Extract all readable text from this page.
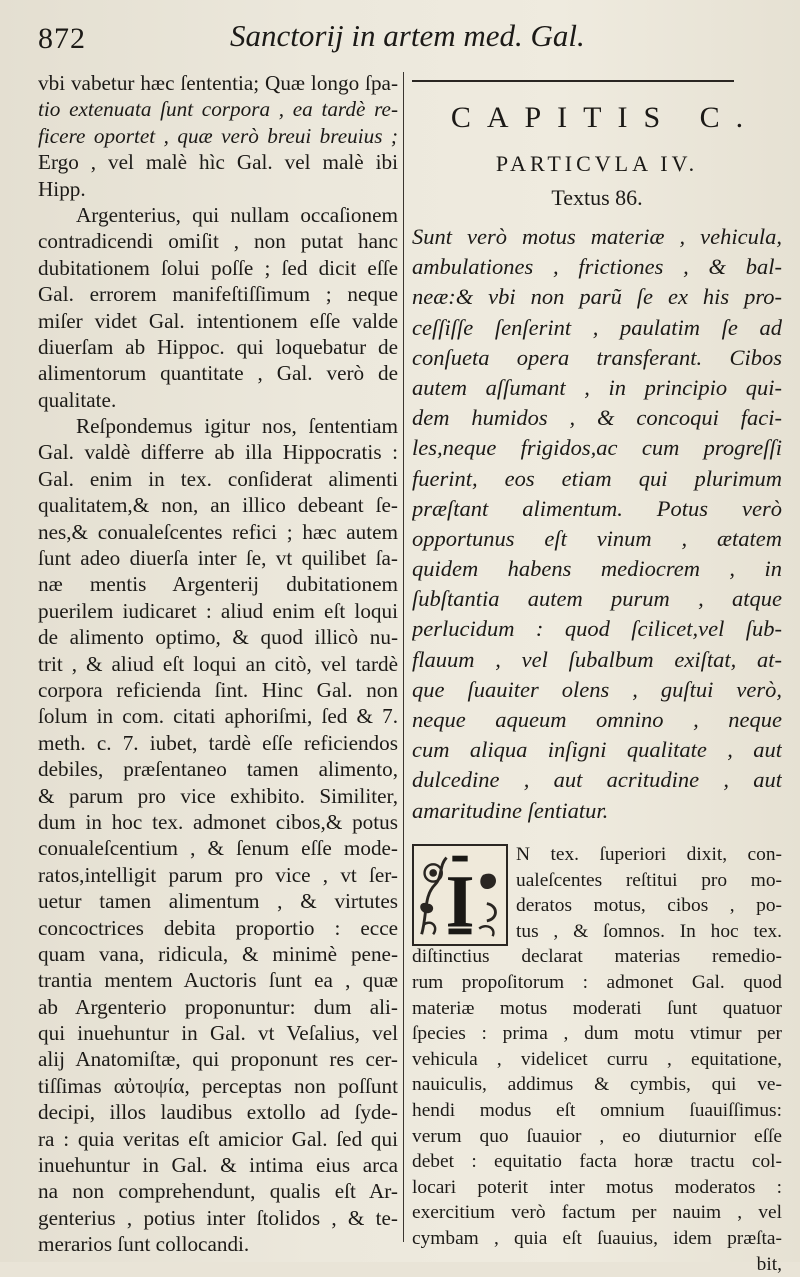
872	Sanctorij in artem med. Gal.
vbi vabetur hæc ſententia; Quæ longo ſpa-
tio extenuata ſunt corpora , ea tardè re-
ficere oportet , quæ verò breui breuius ;
Ergo , vel malè hìc Gal. vel malè ibi
Hipp.
Argenterius, qui nullam occaſionem
contradicendi omiſit , non putat hanc
dubitationem ſolui poſſe ; ſed dicit eſſe
Gal. errorem manifeſtiſſimum ; neque
miſer videt Gal. intentionem eſſe valde
diuerſam ab Hippoc. qui loquebatur de
alimentorum quantitate , Gal. verò de
qualitate.
Reſpondemus igitur nos, ſententiam
Gal. valdè differre ab illa Hippocratis :
Gal. enim in tex. conſiderat alimenti
qualitatem,& non, an illico debeant ſe-
nes,& conualeſcentes refici ; hæc autem
ſunt adeo diuerſa inter ſe, vt quilibet ſa-
næ mentis Argenterij dubitationem
puerilem iudicaret : aliud enim eſt loqui
de alimento optimo, & quod illicò nu-
trit , & aliud eſt loqui an citò, vel tardè
corpora reficienda ſint. Hinc Gal. non
ſolum in com. citati aphoriſmi, ſed & 7.
meth. c. 7. iubet, tardè eſſe reficiendos
debiles, præſentaneo tamen alimento,
& parum pro vice exhibito. Similiter,
dum in hoc tex. admonet cibos,& potus
conualeſcentium , & ſenum eſſe mode-
ratos,intelligit parum pro vice , vt ſer-
uetur tamen alimentum , & virtutes
concoctrices debita proportio : ecce
quam vana, ridicula, & minimè pene-
trantia mentem Auctoris ſunt ea , quæ
ab Argenterio proponuntur: dum ali-
qui inuehuntur in Gal. vt Veſalius, vel
alij Anatomiſtæ, qui proponunt res cer-
tiſſimas αὐτοψία, perceptas non poſſunt
decipi, illos laudibus extollo ad ſyde-
ra : quia veritas eſt amicior Gal. ſed qui
inuehuntur in Gal. & intima eius arca
na non comprehendunt, qualis eſt Ar-
genterius , potius inter ſtolidos , & te-
merarios ſunt collocandi.
CAPITIS C.
PARTICVLA IV.
Textus 86.
Sunt verò motus materiæ , vehicula,
ambulationes , frictiones , & bal-
neæ:& vbi non parũ ſe ex his pro-
ceſſiſſe ſenſerint , paulatim ſe ad
conſueta opera transferant. Cibos
autem aſſumant , in principio qui-
dem humidos , & concoqui faci-
les,neque frigidos,ac cum progreſſi
fuerint, eos etiam qui plurimum
præſtant alimentum. Potus verò
opportunus eſt vinum , ætatem
quidem habens mediocrem , in
ſubſtantia autem purum , atque
perlucidum : quod ſcilicet,vel ſub-
flauum , vel ſubalbum exiſtat, at-
que ſuauiter olens , guſtui verò,
neque aqueum omnino , neque
cum aliqua inſigni qualitate , aut
dulcedine , aut acritudine , aut
amaritudine ſentiatur.
I
N tex. ſuperiori dixit, con-
ualeſcentes reſtitui pro mo-
deratos motus, cibos , po-
tus , & ſomnos. In hoc tex.
diſtinctius declarat materias remedio-
rum propoſitorum : admonet Gal. quod
materiæ motus moderati ſunt quatuor
ſpecies : prima , dum motu vtimur per
vehicula , videlicet curru , equitatione,
nauiculis, addimus & cymbis, qui ve-
hendi modus eſt omnium ſuauiſſimus:
verum quo ſuauior , eo diuturnior eſſe
debet : equitatio facta horæ tractu col-
locari poterit inter motus moderatos :
exercitium verò factum per nauim , vel
cymbam , quia eſt ſuauius, idem præſta-
bit,
